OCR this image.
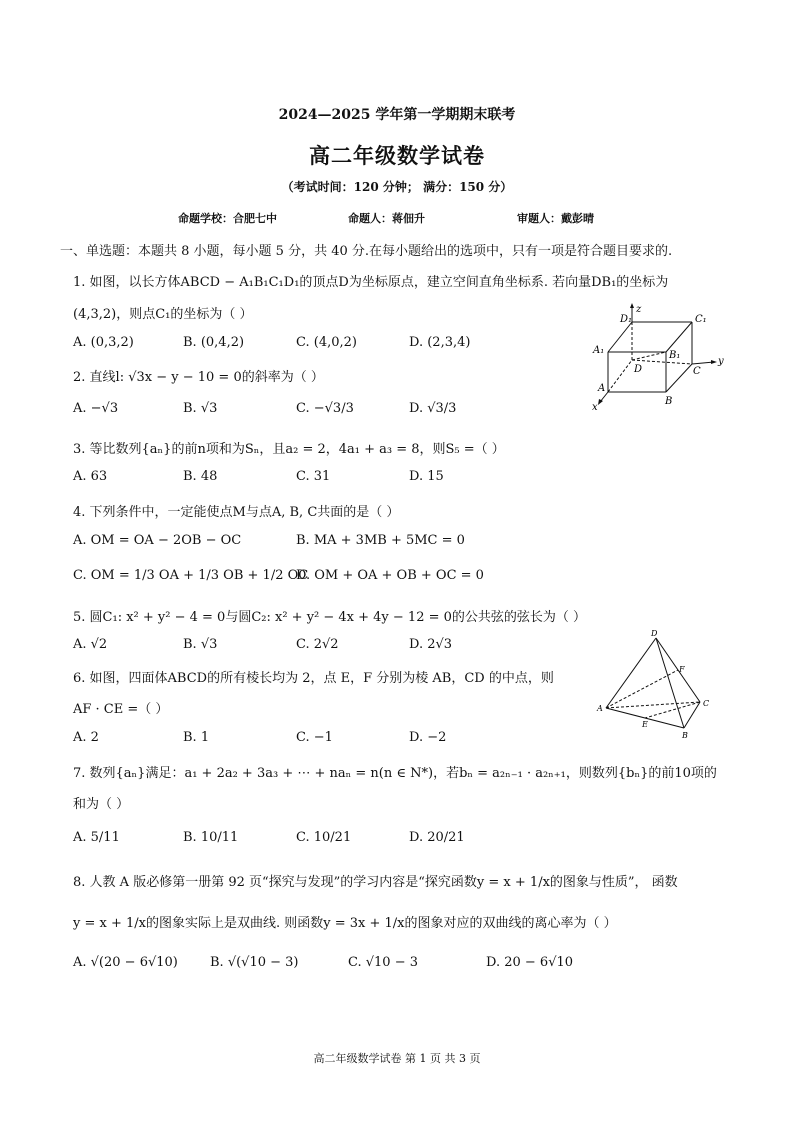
2024—2025 学年第一学期期末联考
高二年级数学试卷
（考试时间：120 分钟； 满分：150 分）
命题学校：合肥七中	命题人：蒋佃升	审题人：戴彭晴
一、单选题：本题共 8 小题，每小题 5 分，共 40 分.在每小题给出的选项中，只有一项是符合题目要求的.
1. 如图，以长方体ABCD − A₁B₁C₁D₁的顶点D为坐标原点，建立空间直角坐标系. 若向量DB₁的坐标为
(4,3,2)，则点C₁的坐标为（ ）
A. (0,3,2)	B. (0,4,2)	C. (4,0,2)	D. (2,3,4)
D₁
z
C₁
A₁	B₁
D	C
y
A
x
B
2. 直线l: √3x − y − 10 = 0的斜率为（ ）
A. −√3	B. √3	C. −√3/3	D. √3/3
3. 等比数列{aₙ}的前n项和为Sₙ，且a₂ = 2，4a₁ + a₃ = 8，则S₅ =（ ）
A. 63	B. 48	C. 31	D. 15
4. 下列条件中，一定能使点M与点A, B, C共面的是（ ）
A. OM = OA − 2OB − OC	B. MA + 3MB + 5MC = 0
C. OM = 1/3 OA + 1/3 OB + 1/2 OC
D. OM + OA + OB + OC = 0
5. 圆C₁: x² + y² − 4 = 0与圆C₂: x² + y² − 4x + 4y − 12 = 0的公共弦的弦长为（ ）
A. √2	B. √3	C. 2√2	D. 2√3
D
F
A
C
E
B
6. 如图，四面体ABCD的所有棱长均为 2，点 E，F 分别为棱 AB，CD 的中点，则
AF · CE =（ ）
A. 2	B. 1	C. −1	D. −2
7. 数列{aₙ}满足：a₁ + 2a₂ + 3a₃ + ⋯ + naₙ = n(n ∈ N*)，若bₙ = a₂ₙ₋₁ · a₂ₙ₊₁，则数列{bₙ}的前10项的
和为（ ）
A. 5/11	B. 10/11	C. 10/21	D. 20/21
8. 人教 A 版必修第一册第 92 页“探究与发现”的学习内容是“探究函数y = x + 1/x的图象与性质”， 函数
y = x + 1/x的图象实际上是双曲线. 则函数y = 3x + 1/x的图象对应的双曲线的离心率为（ ）
A. √(20 − 6√10) B. √(√10 − 3)	C. √10 − 3	D. 20 − 6√10
高二年级数学试卷 第 1 页 共 3 页
